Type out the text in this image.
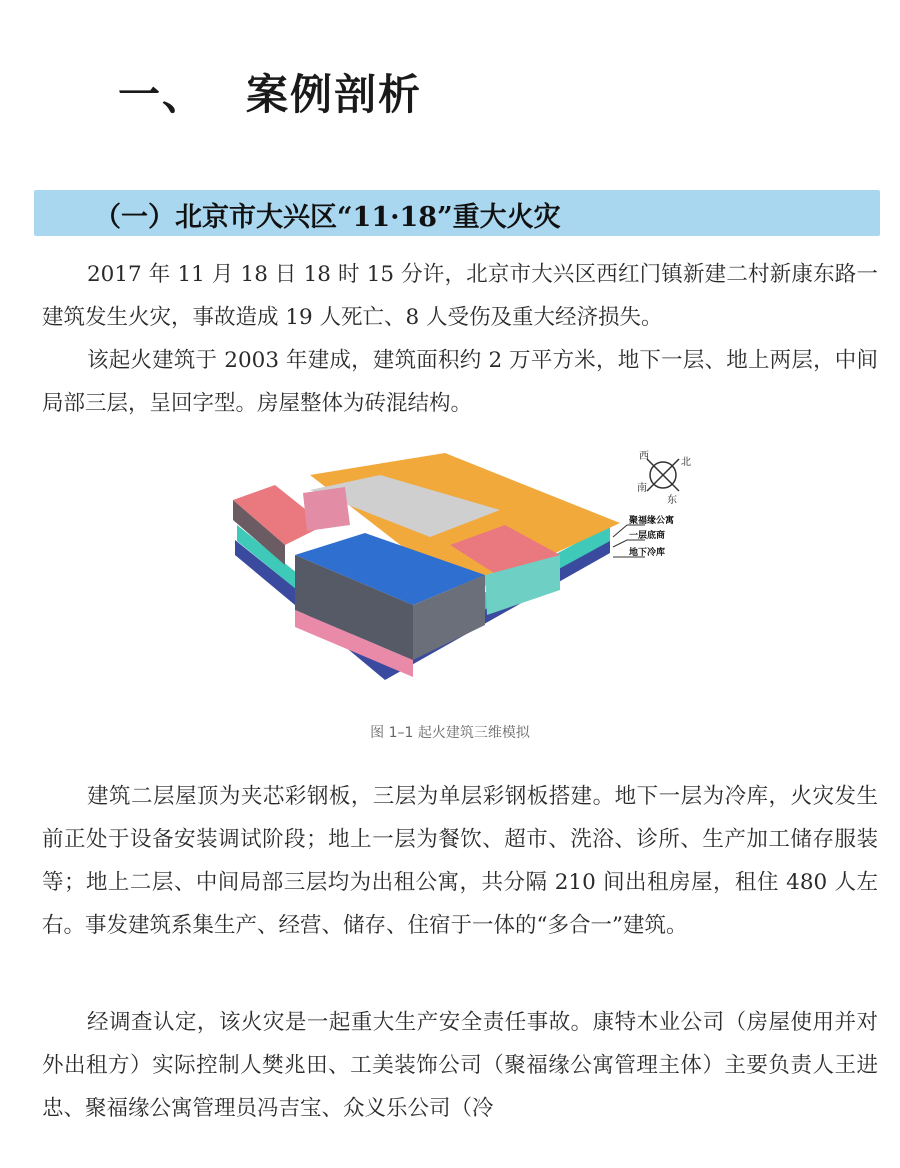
一、 案例剖析
（一）北京市大兴区“11·18”重大火灾

2017 年 11 月 18 日 18 时 15 分许，北京市大兴区西红门镇新建二村新康东路一建筑发生火灾，事故造成 19 人死亡、8 人受伤及重大经济损失。

该起火建筑于 2003 年建成，建筑面积约 2 万平方米，地下一层、地上两层，中间局部三层，呈回字型。房屋整体为砖混结构。

西
北
南
东
聚福缘公寓
一层底商
地下冷库
图 1–1 起火建筑三维模拟

建筑二层屋顶为夹芯彩钢板，三层为单层彩钢板搭建。地下一层为冷库，火灾发生前正处于设备安装调试阶段；地上一层为餐饮、超市、洗浴、诊所、生产加工储存服装等；地上二层、中间局部三层均为出租公寓，共分隔 210 间出租房屋，租住 480 人左右。事发建筑系集生产、经营、储存、住宿于一体的“多合一”建筑。

经调查认定，该火灾是一起重大生产安全责任事故。康特木业公司（房屋使用并对外出租方）实际控制人樊兆田、工美装饰公司（聚福缘公寓管理主体）主要负责人王进忠、聚福缘公寓管理员冯吉宝、众义乐公司（冷
